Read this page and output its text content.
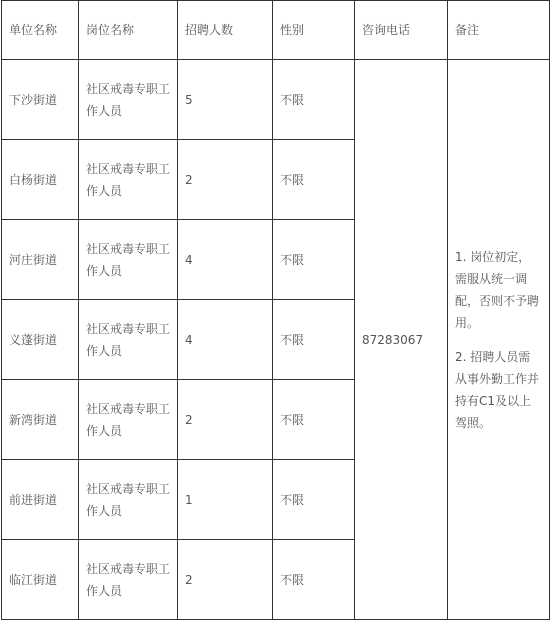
单位名称	岗位名称	招聘人数	性别	咨询电话	备注
下沙街道	社区戒毒专职工作人员	5	不限	87283067	1. 岗位初定，需服从统一调配，否则不予聘用。

2. 招聘人员需从事外勤工作并持有C1及以上驾照。

白杨街道	社区戒毒专职工作人员	2	不限		
河庄街道	社区戒毒专职工作人员	4	不限		
义蓬街道	社区戒毒专职工作人员	4	不限		
新湾街道	社区戒毒专职工作人员	2	不限		
前进街道	社区戒毒专职工作人员	1	不限		
临江街道	社区戒毒专职工作人员	2	不限		
